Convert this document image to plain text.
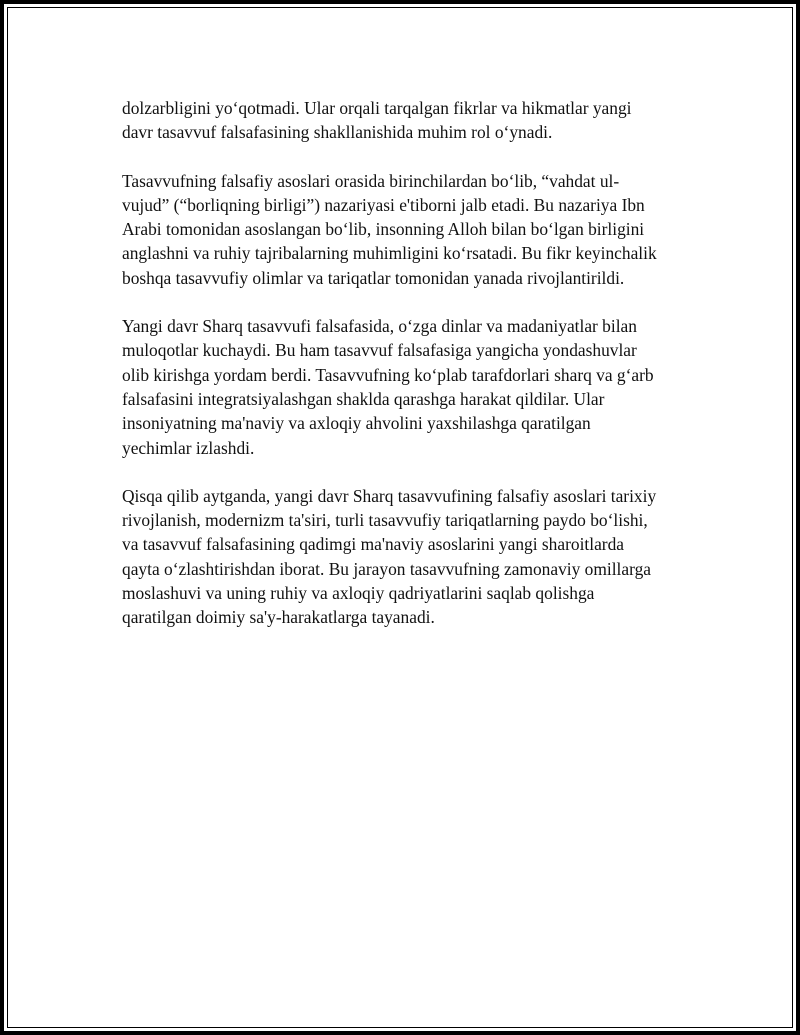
dolzarbligini yo‘qotmadi. Ular orqali tarqalgan fikrlar va hikmatlar yangi
davr tasavvuf falsafasining shakllanishida muhim rol o‘ynadi.

Tasavvufning falsafiy asoslari orasida birinchilardan bo‘lib, “vahdat ul-
vujud” (“borliqning birligi”) nazariyasi e'tiborni jalb etadi. Bu nazariya Ibn
Arabi tomonidan asoslangan bo‘lib, insonning Alloh bilan bo‘lgan birligini
anglashni va ruhiy tajribalarning muhimligini ko‘rsatadi. Bu fikr keyinchalik
boshqa tasavvufiy olimlar va tariqatlar tomonidan yanada rivojlantirildi.

Yangi davr Sharq tasavvufi falsafasida, o‘zga dinlar va madaniyatlar bilan
muloqotlar kuchaydi. Bu ham tasavvuf falsafasiga yangicha yondashuvlar
olib kirishga yordam berdi. Tasavvufning ko‘plab tarafdorlari sharq va g‘arb
falsafasini integratsiyalashgan shaklda qarashga harakat qildilar. Ular
insoniyatning ma'naviy va axloqiy ahvolini yaxshilashga qaratilgan
yechimlar izlashdi.

Qisqa qilib aytganda, yangi davr Sharq tasavvufining falsafiy asoslari tarixiy
rivojlanish, modernizm ta'siri, turli tasavvufiy tariqatlarning paydo bo‘lishi,
va tasavvuf falsafasining qadimgi ma'naviy asoslarini yangi sharoitlarda
qayta o‘zlashtirishdan iborat. Bu jarayon tasavvufning zamonaviy omillarga
moslashuvi va uning ruhiy va axloqiy qadriyatlarini saqlab qolishga
qaratilgan doimiy sa'y-harakatlarga tayanadi.
